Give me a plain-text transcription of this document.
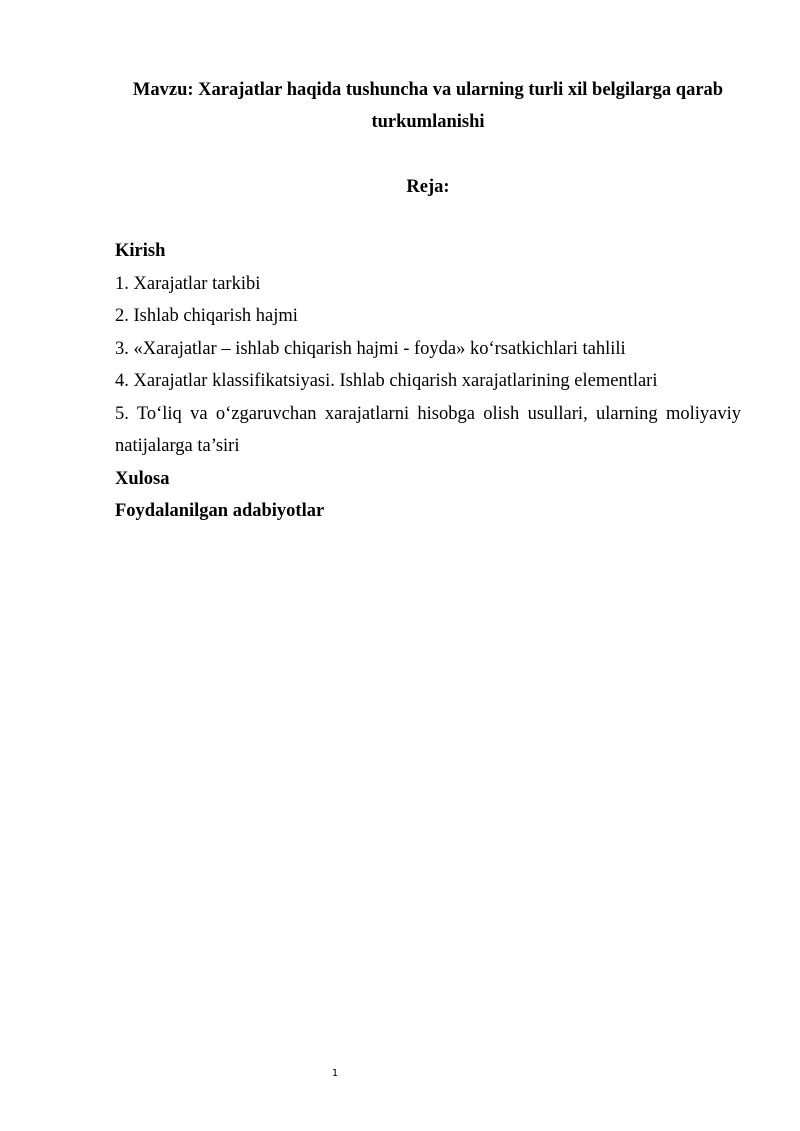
Mavzu: Xarajatlar haqida tushuncha va ularning turli xil belgilarga qarab turkumlanishi
Reja:
Kirish
1. Xarajatlar tarkibi
2. Ishlab chiqarish hajmi
3. «Xarajatlar – ishlab chiqarish hajmi - foyda» ko‘rsatkichlari tahlili
4. Xarajatlar klassifikatsiyasi. Ishlab chiqarish xarajatlarining elementlari
5. To‘liq va o‘zgaruvchan xarajatlarni hisobga olish usullari, ularning moliyaviy natijalarga ta’siri
Xulosa
Foydalanilgan adabiyotlar
1
